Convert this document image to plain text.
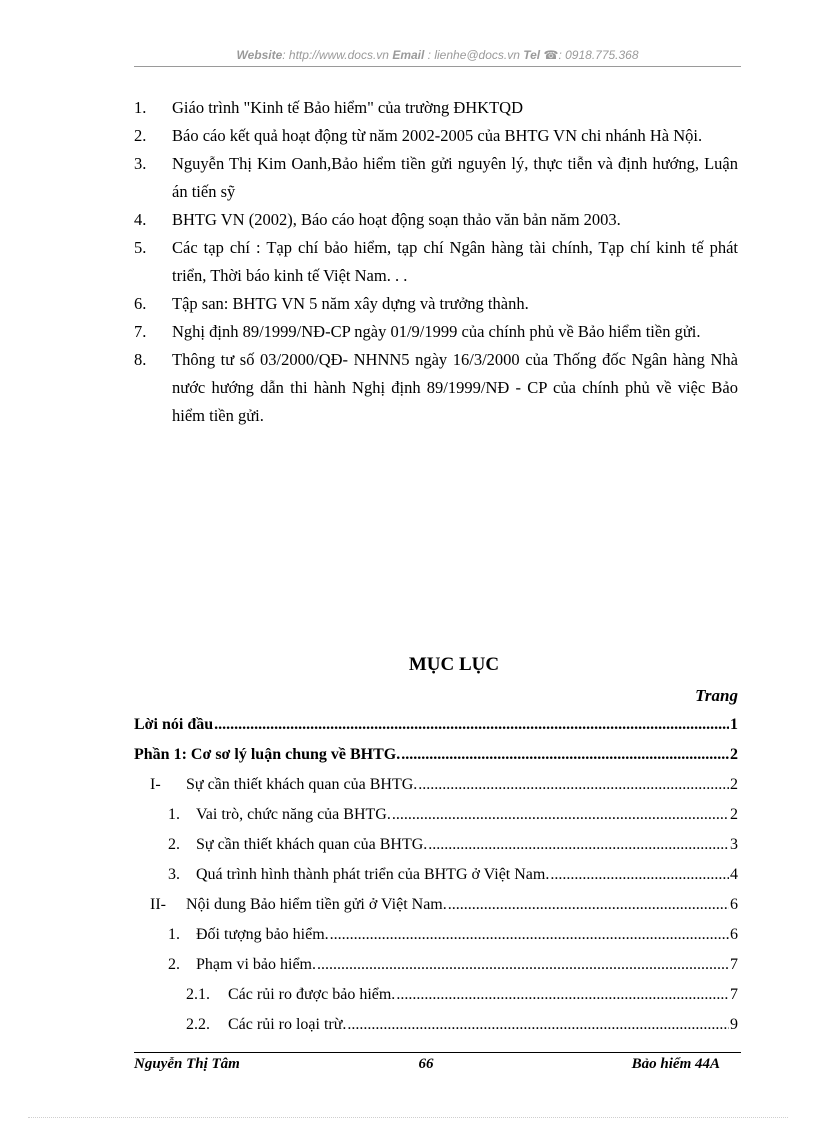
Website: http://www.docs.vn Email : lienhe@docs.vn Tel ☎: 0918.775.368
1.	Giáo trình "Kinh tế Bảo hiểm" của trường ĐHKTQD
2.	Báo cáo kết quả hoạt động từ năm 2002-2005 của BHTG VN chi nhánh Hà Nội.
3.	Nguyễn Thị Kim Oanh,Bảo hiểm tiền gửi nguyên lý, thực tiễn và định hướng, Luận án tiến sỹ
4.	BHTG VN (2002), Báo cáo hoạt động soạn thảo văn bản năm 2003.
5.	Các tạp chí : Tạp chí bảo hiểm, tạp chí Ngân hàng tài chính, Tạp chí kinh tế phát triển, Thời báo kinh tế Việt Nam. . .
6.	Tập san: BHTG VN 5 năm xây dựng và trưởng thành.
7.	Nghị định 89/1999/NĐ-CP ngày 01/9/1999 của chính phủ về Bảo hiểm tiền gửi.
8.	Thông tư số 03/2000/QĐ- NHNN5 ngày 16/3/2000 của Thống đốc Ngân hàng Nhà nước hướng dẫn thi hành Nghị định 89/1999/NĐ - CP của chính phủ về việc Bảo hiểm tiền gửi.
MỤC LỤC
Trang
Lời nói đầu .....	1
Phần 1: Cơ sơ lý luận chung về BHTG. .....	2
I- Sự cần thiết khách quan của BHTG. .....	2
1. Vai trò, chức năng của BHTG. .....	2
2. Sự cần thiết khách quan của BHTG. .....	3
3. Quá trình hình thành phát triển của BHTG ở Việt Nam. .....	4
II- Nội dung Bảo hiểm tiền gửi ở Việt Nam. .....	6
1. Đối tượng bảo hiểm. .....	6
2. Phạm vi bảo hiểm. .....	7
2.1. Các rủi ro được bảo hiểm. .....	7
2.2. Các rủi ro loại trừ. .....	9
Nguyễn Thị Tâm	66	Bảo hiểm 44A
